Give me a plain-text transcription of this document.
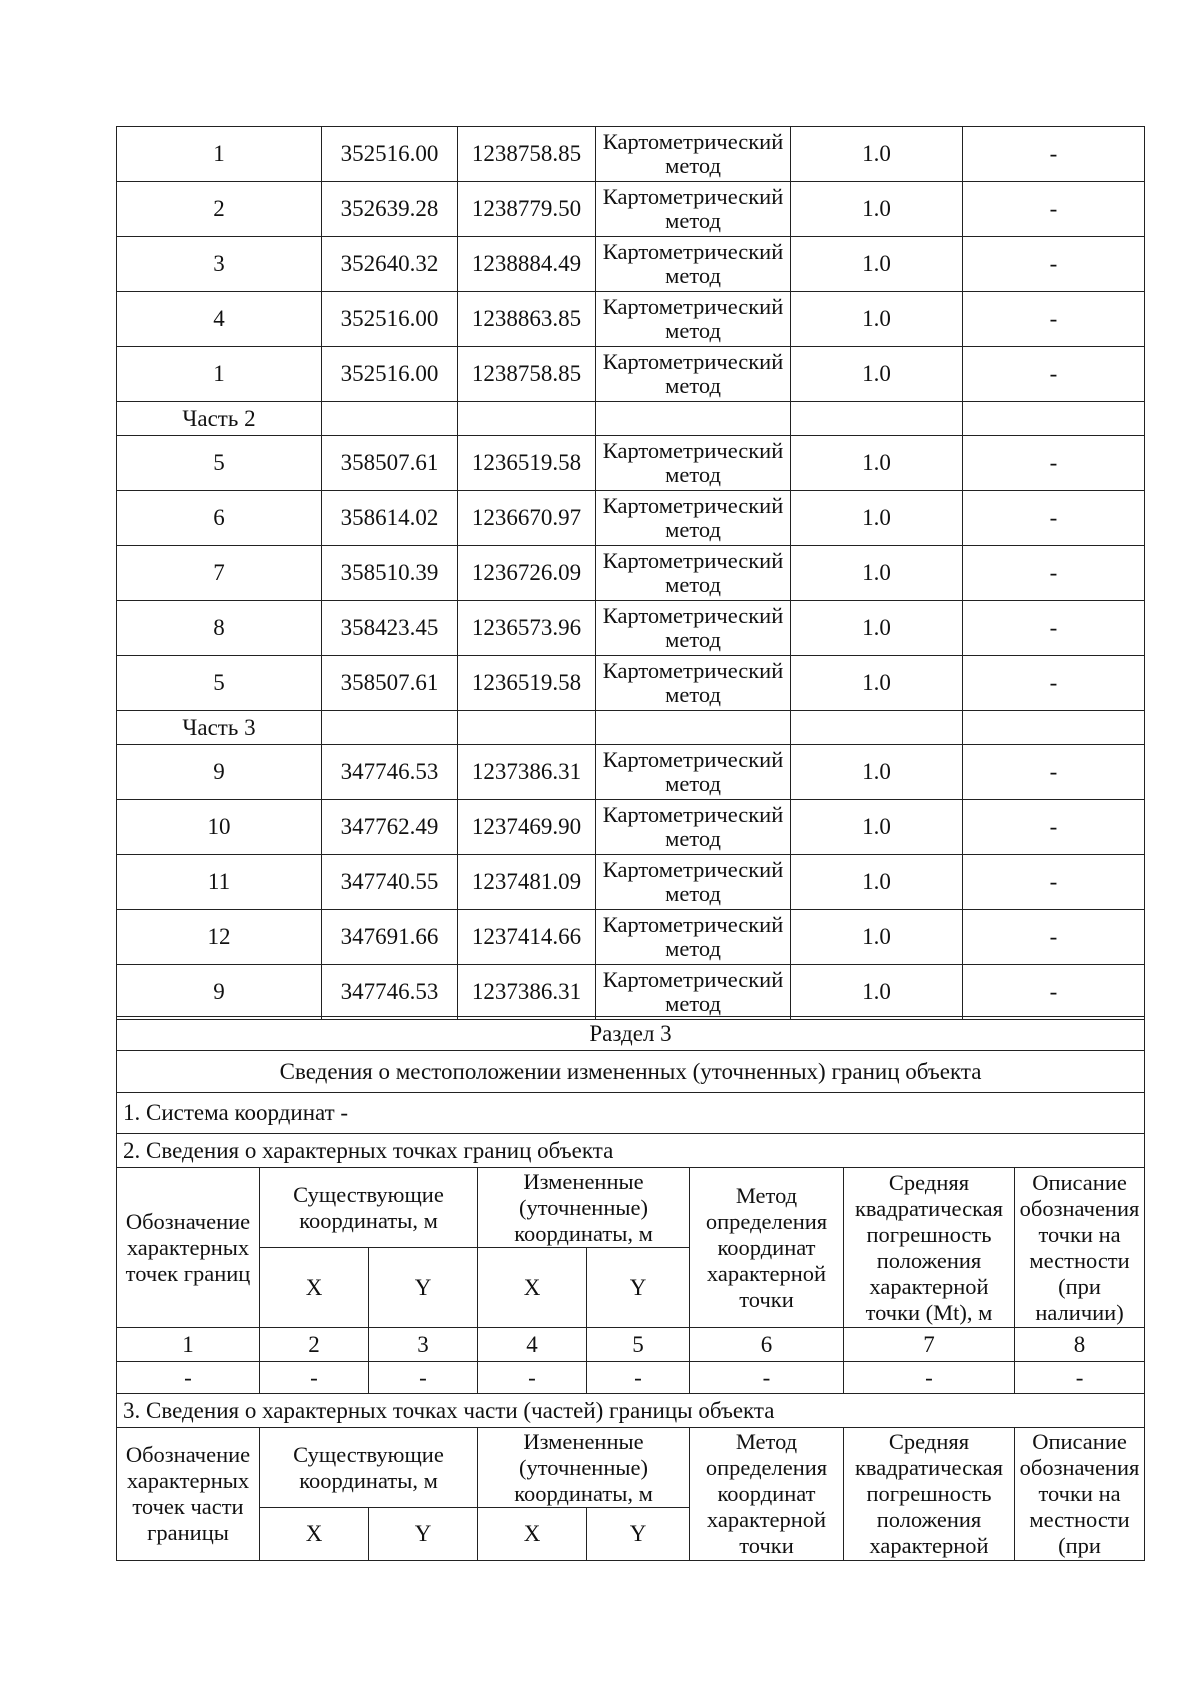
1	352516.00	1238758.85	Картометрический метод	1.0	-
2	352639.28	1238779.50	Картометрический метод	1.0	-
3	352640.32	1238884.49	Картометрический метод	1.0	-
4	352516.00	1238863.85	Картометрический метод	1.0	-
1	352516.00	1238758.85	Картометрический метод	1.0	-
Часть 2					
5	358507.61	1236519.58	Картометрический метод	1.0	-
6	358614.02	1236670.97	Картометрический метод	1.0	-
7	358510.39	1236726.09	Картометрический метод	1.0	-
8	358423.45	1236573.96	Картометрический метод	1.0	-
5	358507.61	1236519.58	Картометрический метод	1.0	-
Часть 3					
9	347746.53	1237386.31	Картометрический метод	1.0	-
10	347762.49	1237469.90	Картометрический метод	1.0	-
11	347740.55	1237481.09	Картометрический метод	1.0	-
12	347691.66	1237414.66	Картометрический метод	1.0	-
9	347746.53	1237386.31	Картометрический метод	1.0	-
Раздел 3							
Сведения о местоположении измененных (уточненных) границ объекта							
1. Система координат -							
2. Сведения о характерных точках границ объекта							
Обозначение характерных точек границ	Существующие координаты, м		Измененные (уточненные) координаты, м		Метод определения координат характерной точки	Средняя квадратическая погрешность положения характерной точки (Mt), м	Описание обозначения точки на местности (при наличии)
	X	Y	X	Y			
1	2	3	4	5	6	7	8
-	-	-	-	-	-	-	-
3. Сведения о характерных точках части (частей) границы объекта							
Обозначение характерных точек части границы	Существующие координаты, м		Измененные (уточненные) координаты, м		Метод определения координат характерной точки	Средняя квадратическая погрешность положения характерной	Описание обозначения точки на местности (при
	X	Y	X	Y			
